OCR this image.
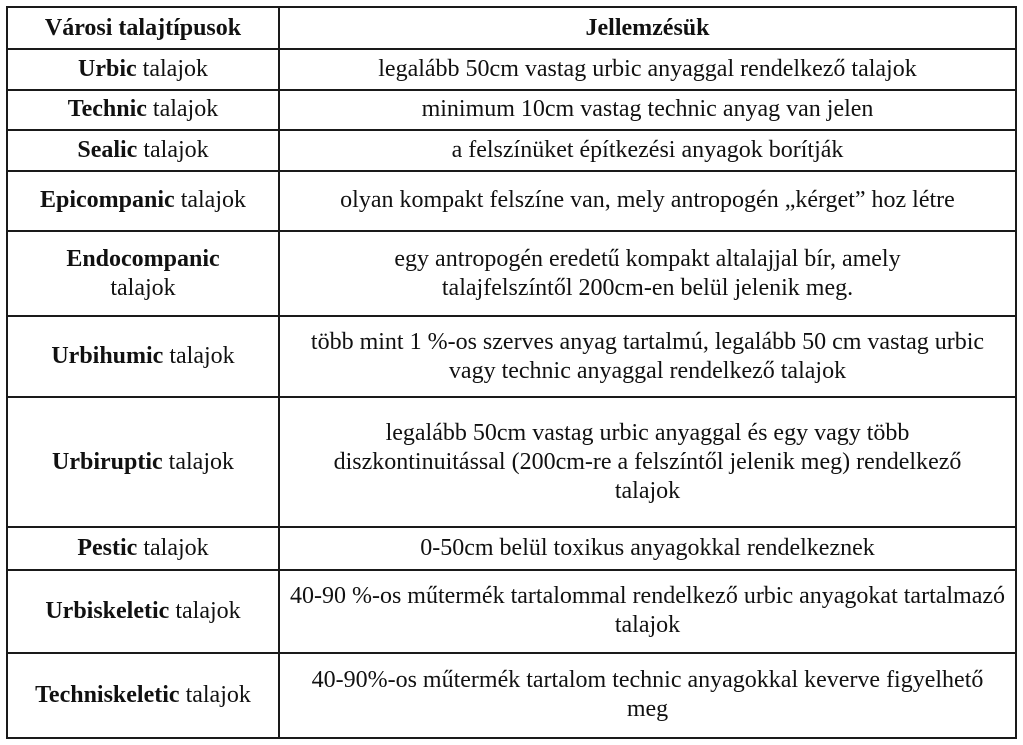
Városi talajtípusok	Jellemzésük
Urbic talajok	legalább 50cm vastag urbic anyaggal rendelkező talajok
Technic talajok	minimum 10cm vastag technic anyag van jelen
Sealic talajok	a felszínüket építkezési anyagok borítják
Epicompanic talajok	olyan kompakt felszíne van, mely antropogén „kérget” hoz létre
Endocompanic talajok	egy antropogén eredetű kompakt altalajjal bír, amely talajfelszíntől 200cm-en belül jelenik meg.
Urbihumic talajok	több mint 1 %-os szerves anyag tartalmú, legalább 50 cm vastag urbic vagy technic anyaggal rendelkező talajok
Urbiruptic talajok	legalább 50cm vastag urbic anyaggal és egy vagy több diszkontinuitással (200cm-re a felszíntől jelenik meg) rendelkező talajok
Pestic talajok	0-50cm belül toxikus anyagokkal rendelkeznek
Urbiskeletic talajok	40-90 %-os műtermék tartalommal rendelkező urbic anyagokat tartalmazó talajok
Techniskeletic talajok	40-90%-os műtermék tartalom technic anyagokkal keverve figyelhető meg
